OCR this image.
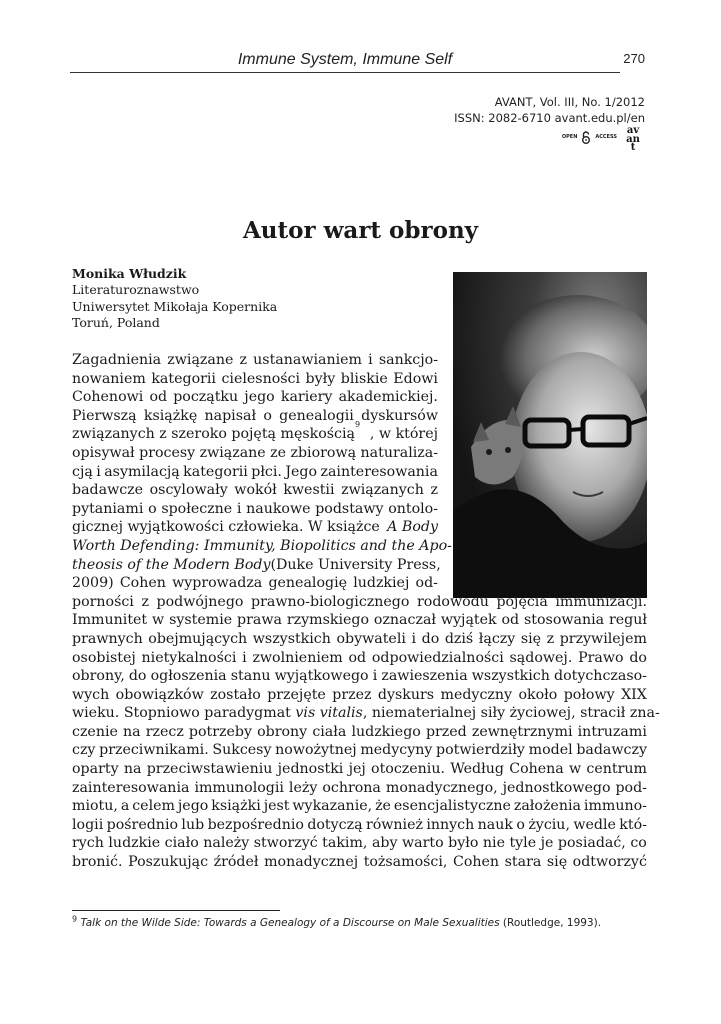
Immune System, Immune Self	270
AVANT, Vol. III, No. 1/2012
ISSN: 2082-6710 avant.edu.pl/en
OPEN	ACCESS
av
an
t
Autor wart obrony
Monika Włudzik
Literaturoznawstwo
Uniwersytet Mikołaja Kopernika
Toruń, Poland
Zagadnienia związane z ustanawianiem i sankcjo-
nowaniem kategorii cielesności były bliskie Edowi
Cohenowi od początku jego kariery akademickiej.
Pierwszą książkę napisał o genealogii dyskursów
związanych z szeroko pojętą męskością
9
, w której
opisywał procesy związane ze zbiorową naturaliza-
cją i asymilacją kategorii płci. Jego zainteresowania
badawcze oscylowały wokół kwestii związanych z
pytaniami o społeczne i naukowe podstawy ontolo-
gicznej wyjątkowości człowieka. W książce A Body
Worth Defending: Immunity, Biopolitics and the Apo-
theosis of the Modern Body (Duke University Press,
2009) Cohen wyprowadza genealogię ludzkiej od-
porności z podwójnego prawno-biologicznego rodowodu pojęcia immunizacji.
Immunitet w systemie prawa rzymskiego oznaczał wyjątek od stosowania reguł
prawnych obejmujących wszystkich obywateli i do dziś łączy się z przywilejem
osobistej nietykalności i zwolnieniem od odpowiedzialności sądowej. Prawo do
obrony, do ogłoszenia stanu wyjątkowego i zawieszenia wszystkich dotychczaso-
wych obowiązków zostało przejęte przez dyskurs medyczny około połowy XIX
wieku. Stopniowo paradygmat
vis vitalis , niematerialnej siły życiowej, stracił zna-
czenie na rzecz potrzeby obrony ciała ludzkiego przed zewnętrznymi intruzami
czy przeciwnikami. Sukcesy nowożytnej medycyny potwierdziły model badawczy
oparty na przeciwstawieniu jednostki jej otoczeniu. Według Cohena w centrum
zainteresowania immunologii leży ochrona monadycznego, jednostkowego pod-
miotu, a celem jego książki jest wykazanie, że esencjalistyczne założenia immuno-
logii pośrednio lub bezpośrednio dotyczą również innych nauk o życiu, wedle któ-
rych ludzkie ciało należy stworzyć takim, aby warto było nie tyle je posiadać, co
bronić. Poszukując źródeł monadycznej tożsamości, Cohen stara się odtworzyć
$^9$ Talk on the Wilde Side: Towards a Genealogy of a Discourse on Male Sexualities (Routledge, 1993).
